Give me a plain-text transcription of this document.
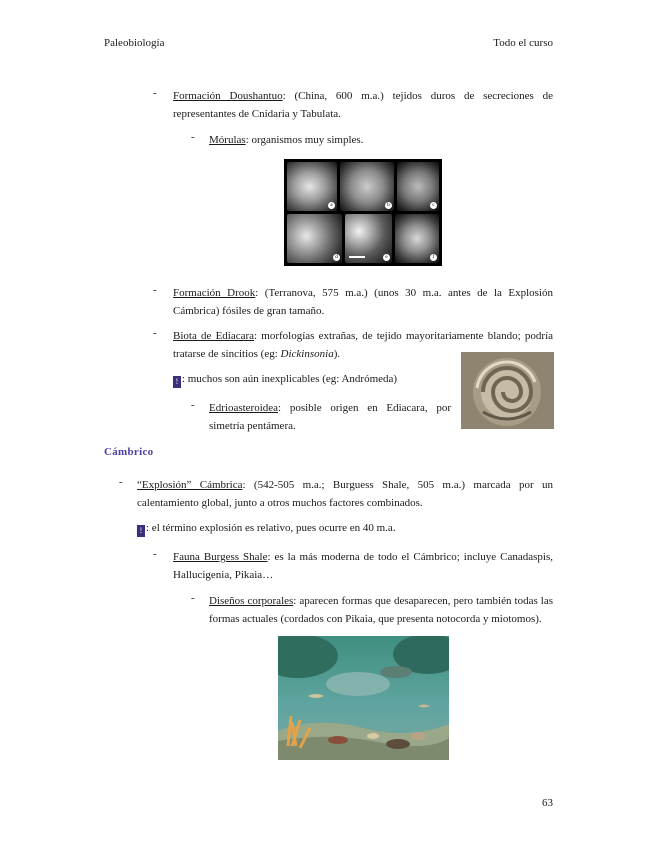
Paleobiología	Todo el curso
- Formación Doushantuo: (China, 600 m.a.) tejidos duros de secreciones de representantes de Cnidaria y Tabulata.
- Mórulas: organismos muy simples.
a	b	c
d	e	f
- Formación Drook: (Terranova, 575 m.a.) (unos 30 m.a. antes de la Explosión Cámbrica) fósiles de gran tamaño.
- Biota de Ediacara: morfologías extrañas, de tejido mayoritariamente blando; podría tratarse de sincitios (eg: Dickinsonia).
! : muchos son aún inexplicables (eg: Andrómeda)
- Edrioasteroidea: posible origen en Ediacara, por simetría pentámera.
Cámbrico
- “Explosión” Cámbrica: (542-505 m.a.; Burguess Shale, 505 m.a.) marcada por un calentamiento global, junto a otros muchos factores combinados.
! : el término explosión es relativo, pues ocurre en 40 m.a.
- Fauna Burgess Shale: es la más moderna de todo el Cámbrico; incluye Canadaspis, Hallucigenia, Pikaia…
- Diseños corporales: aparecen formas que desaparecen, pero también todas las formas actuales (cordados con Pikaia, que presenta notocorda y miotomos).
63
